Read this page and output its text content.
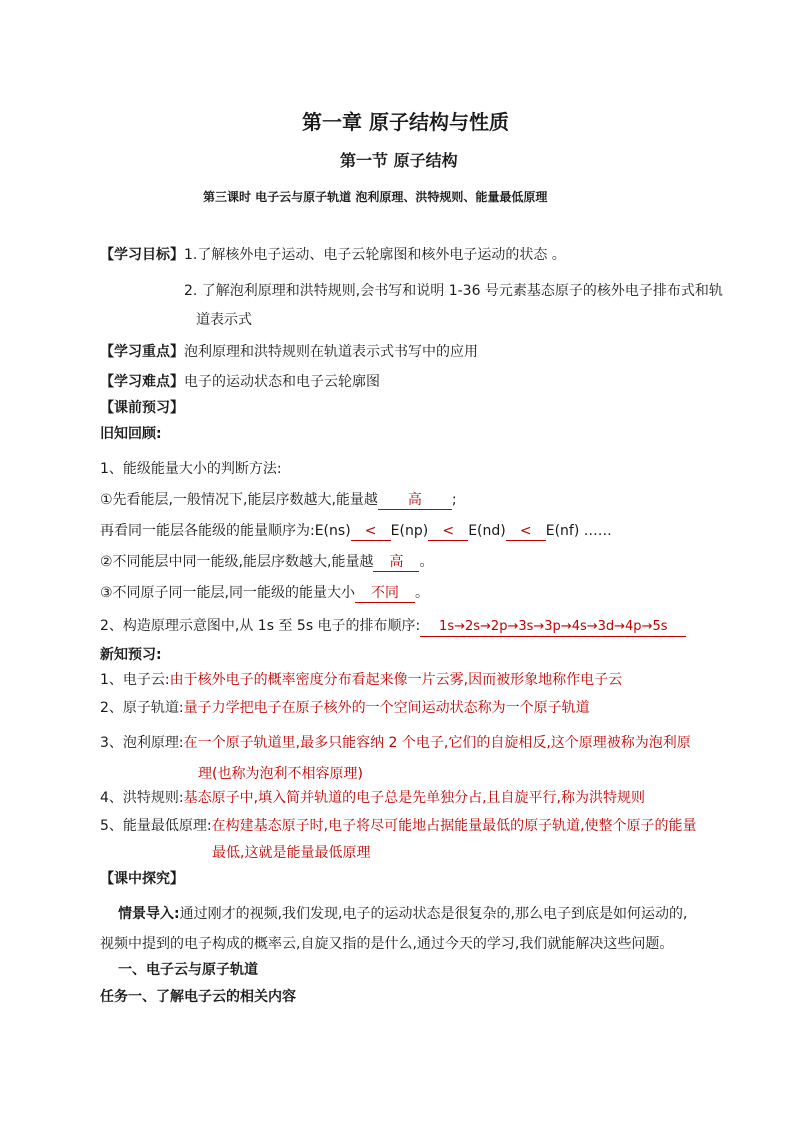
第一章 原子结构与性质
第一节 原子结构
第三课时 电子云与原子轨道 泡利原理、洪特规则、能量最低原理
【学习目标】1.了解核外电子运动、电子云轮廓图和核外电子运动的状态 。
2. 了解泡利原理和洪特规则,会书写和说明 1-36 号元素基态原子的核外电子排布式和轨
道表示式
【学习重点】泡利原理和洪特规则在轨道表示式书写中的应用
【学习难点】电子的运动状态和电子云轮廓图
【课前预习】
旧知回顾:
1、能级能量大小的判断方法:
①先看能层,一般情况下,能层序数越大,能量越 高 ;
再看同一能层各能级的能量顺序为:E(ns) < E(np) < E(nd) < E(nf) ……
②不同能层中同一能级,能层序数越大,能量越 高 。
③不同原子同一能层,同一能级的能量大小 不同 。
2、构造原理示意图中,从 1s 至 5s 电子的排布顺序: 1s→2s→2p→3s→3p→4s→3d→4p→5s
新知预习:
1、电子云:由于核外电子的概率密度分布看起来像一片云雾,因而被形象地称作电子云
2、原子轨道:量子力学把电子在原子核外的一个空间运动状态称为一个原子轨道
3、泡利原理:在一个原子轨道里,最多只能容纳 2 个电子,它们的自旋相反,这个原理被称为泡利原
理(也称为泡利不相容原理)
4、洪特规则:基态原子中,填入简并轨道的电子总是先单独分占,且自旋平行,称为洪特规则
5、能量最低原理:在构建基态原子时,电子将尽可能地占据能量最低的原子轨道,使整个原子的能量
最低,这就是能量最低原理
【课中探究】
情景导入:通过刚才的视频,我们发现,电子的运动状态是很复杂的,那么电子到底是如何运动的,
视频中提到的电子构成的概率云,自旋又指的是什么,通过今天的学习,我们就能解决这些问题。
一、电子云与原子轨道
任务一、了解电子云的相关内容
